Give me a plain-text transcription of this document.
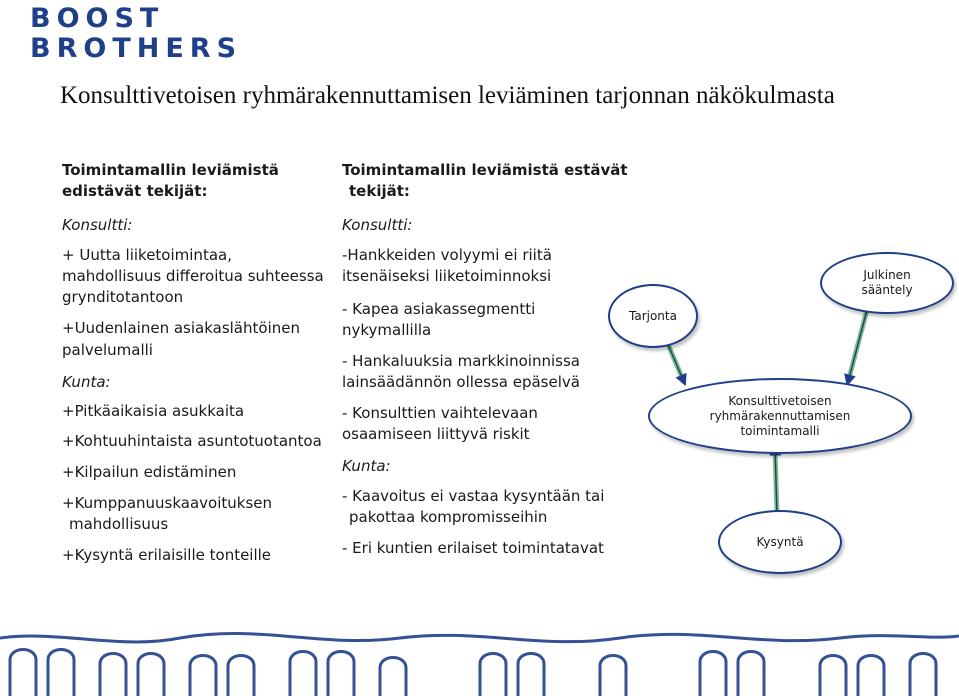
BOOST
BROTHERS
Konsulttivetoisen ryhmärakennuttamisen leviäminen tarjonnan näkökulmasta

Toimintamallin leviämistä

edistävät tekijät:

Konsultti:

+ Uutta liiketoimintaa,

mahdollisuus differoitua suhteessa

grynditotantoon

+Uudenlainen asiakaslähtöinen

palvelumalli

Kunta:

+Pitkäaikaisia asukkaita

+Kohtuuhintaista asuntotuotantoa

+Kilpailun edistäminen

+Kumppanuuskaavoituksen

mahdollisuus

+Kysyntä erilaisille tonteille

Toimintamallin leviämistä estävät

tekijät:

Konsultti:

-Hankkeiden volyymi ei riitä

itsenäiseksi liiketoiminnoksi

- Kapea asiakassegmentti

nykymallilla

- Hankaluuksia markkinoinnissa

lainsäädännön ollessa epäselvä

- Konsulttien vaihtelevaan

osaamiseen liittyvä riskit

Kunta:

- Kaavoitus ei vastaa kysyntään tai

pakottaa kompromisseihin

- Eri kuntien erilaiset toimintatavat

Tarjonta
Julkinen
sääntely
Konsulttivetoisen
ryhmärakennuttamisen
toimintamalli
Kysyntä
